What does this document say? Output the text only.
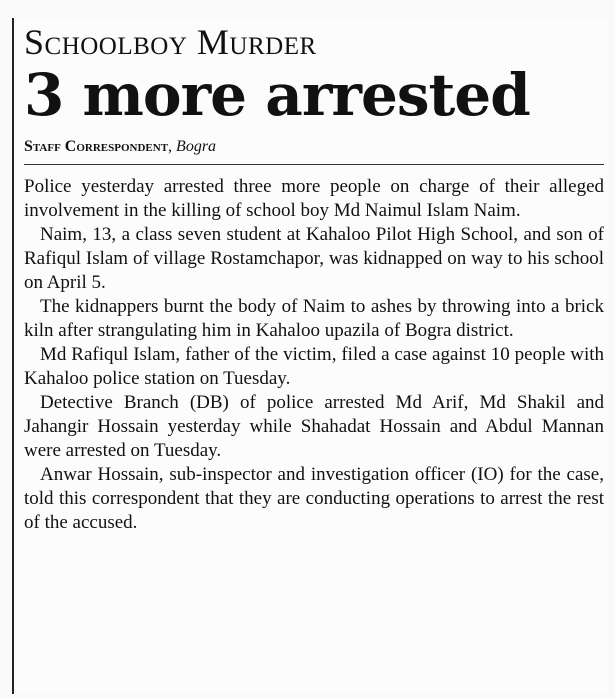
Schoolboy Murder
3 more arrested
Staff Correspondent, Bogra

Police yesterday arrested three more people on charge of their alleged involvement in the killing of school boy Md Naimul Islam Naim.

Naim, 13, a class seven student at Kahaloo Pilot High School, and son of Rafiqul Islam of village Rostamchapor, was kidnapped on way to his school on April 5.

The kidnappers burnt the body of Naim to ashes by throwing into a brick kiln after strangulating him in Kahaloo upazila of Bogra district.

Md Rafiqul Islam, father of the victim, filed a case against 10 people with Kahaloo police station on Tuesday.

Detective Branch (DB) of police arrested Md Arif, Md Shakil and Jahangir Hossain yesterday while Shahadat Hossain and Abdul Mannan were arrested on Tuesday.

Anwar Hossain, sub-inspector and investigation officer (IO) for the case, told this correspondent that they are conducting operations to arrest the rest of the accused.
